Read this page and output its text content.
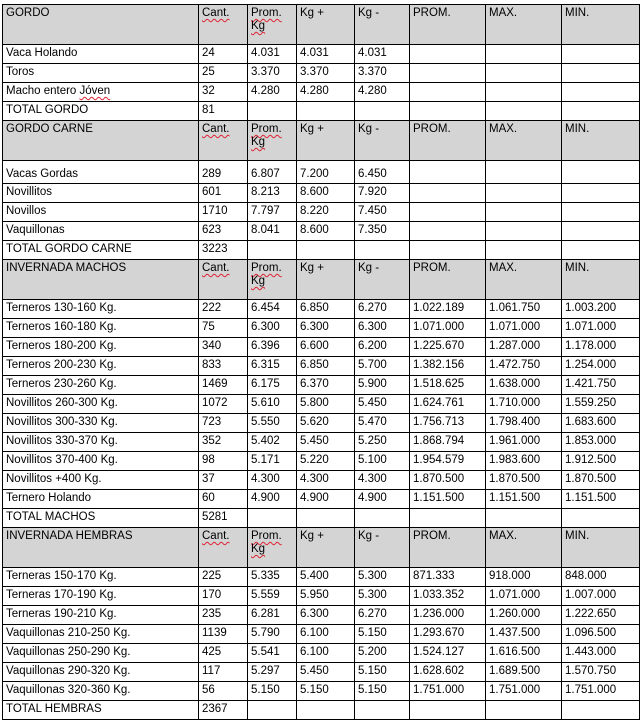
GORDO	Cant.	Prom. Kg	Kg +	Kg -	PROM.	MAX.	MIN.
Vaca Holando	24	4.031	4.031	4.031			
Toros	25	3.370	3.370	3.370			
Macho entero Jóven	32	4.280	4.280	4.280			
TOTAL GORDO	81						
GORDO CARNE	Cant.	Prom. Kg	Kg +	Kg -	PROM.	MAX.	MIN.
Vacas Gordas	289	6.807	7.200	6.450			
Novillitos	601	8.213	8.600	7.920			
Novillos	1710	7.797	8.220	7.450			
Vaquillonas	623	8.041	8.600	7.350			
TOTAL GORDO CARNE	3223						
INVERNADA MACHOS	Cant.	Prom. Kg	Kg +	Kg -	PROM.	MAX.	MIN.
Terneros 130-160 Kg.	222	6.454	6.850	6.270	1.022.189	1.061.750	1.003.200
Terneros 160-180 Kg.	75	6.300	6.300	6.300	1.071.000	1.071.000	1.071.000
Terneros 180-200 Kg.	340	6.396	6.600	6.200	1.225.670	1.287.000	1.178.000
Terneros 200-230 Kg.	833	6.315	6.850	5.700	1.382.156	1.472.750	1.254.000
Terneros 230-260 Kg.	1469	6.175	6.370	5.900	1.518.625	1.638.000	1.421.750
Novillitos 260-300 Kg.	1072	5.610	5.800	5.450	1.624.761	1.710.000	1.559.250
Novillitos 300-330 Kg.	723	5.550	5.620	5.470	1.756.713	1.798.400	1.683.600
Novillitos 330-370 Kg.	352	5.402	5.450	5.250	1.868.794	1.961.000	1.853.000
Novillitos 370-400 Kg.	98	5.171	5.220	5.100	1.954.579	1.983.600	1.912.500
Novillitos +400 Kg.	37	4.300	4.300	4.300	1.870.500	1.870.500	1.870.500
Ternero Holando	60	4.900	4.900	4.900	1.151.500	1.151.500	1.151.500
TOTAL MACHOS	5281						
INVERNADA HEMBRAS	Cant.	Prom. Kg	Kg +	Kg -	PROM.	MAX.	MIN.
Terneras 150-170 Kg.	225	5.335	5.400	5.300	871.333	918.000	848.000
Terneras 170-190 Kg.	170	5.559	5.950	5.300	1.033.352	1.071.000	1.007.000
Terneras 190-210 Kg.	235	6.281	6.300	6.270	1.236.000	1.260.000	1.222.650
Vaquillonas 210-250 Kg.	1139	5.790	6.100	5.150	1.293.670	1.437.500	1.096.500
Vaquillonas 250-290 Kg.	425	5.541	6.100	5.200	1.524.127	1.616.500	1.443.000
Vaquillonas 290-320 Kg.	117	5.297	5.450	5.150	1.628.602	1.689.500	1.570.750
Vaquillonas 320-360 Kg.	56	5.150	5.150	5.150	1.751.000	1.751.000	1.751.000
TOTAL HEMBRAS	2367						
